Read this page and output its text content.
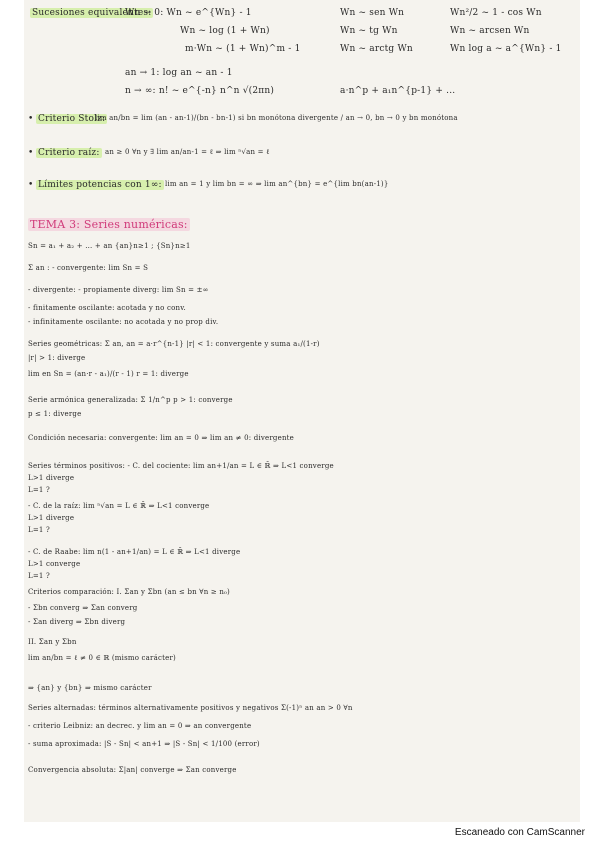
Sucesiones equivalentes:
Wn → 0: Wn ~ e^{Wn} - 1	Wn ~ sen Wn	Wn²/2 ~ 1 - cos Wn
Wn ~ log (1 + Wn)	Wn ~ tg Wn	Wn ~ arcsen Wn
m·Wn ~ (1 + Wn)^m - 1	Wn ~ arctg Wn	Wn log a ~ a^{Wn} - 1
an → 1: log an ~ an - 1
n → ∞: n! ~ e^{-n} n^n √(2πn)	a·n^p + a₁n^{p-1} + ...
• Criterio Stolz:
lim an/bn = lim (an - an-1)/(bn - bn-1) si bn monótona divergente / an → 0, bn → 0 y bn monótona
• Criterio raíz: an ≥ 0 ∀n y ∃ lim an/an-1 = ℓ ⇒ lim ⁿ√an = ℓ
• Límites potencias con 1∞: lim an = 1 y lim bn = ∞ ⇒ lim an^{bn} = e^{lim bn(an-1)}
TEMA 3: Series numéricas:
Sn = a₁ + a₂ + ... + an {an}n≥1 ; {Sn}n≥1
Σ an : - convergente: lim Sn = S
- divergente: - propiamente diverg: lim Sn = ±∞
- finitamente oscilante: acotada y no conv.
- infinitamente oscilante: no acotada y no prop div.
Series geométricas: Σ an, an = a·r^{n-1} |r| < 1: convergente y suma a₁/(1-r)
|r| > 1: diverge
lim en Sn = (an·r - a₁)/(r - 1) r = 1: diverge
Serie armónica generalizada: Σ 1/n^p p > 1: converge
p ≤ 1: diverge
Condición necesaria: convergente: lim an = 0 ⇒ lim an ≠ 0: divergente
Series términos positivos: - C. del cociente: lim an+1/an = L ∈ ℝ̄ ⇒ L<1 converge
L>1 diverge
L=1 ?
- C. de la raíz: lim ⁿ√an = L ∈ ℝ̄ ⇒ L<1 converge
L>1 diverge
L=1 ?
- C. de Raabe: lim n(1 - an+1/an) = L ∈ ℝ̄ ⇒ L<1 diverge
L>1 converge
L=1 ?
Criterios comparación: I. Σan y Σbn (an ≤ bn ∀n ≥ n₀)
- Σbn converg ⇒ Σan converg
- Σan diverg ⇒ Σbn diverg
II. Σan y Σbn
lim an/bn = ℓ ≠ 0 ∈ ℝ (mismo carácter)
⇒ {an} y {bn} ⇒ mismo carácter
Series alternadas: términos alternativamente positivos y negativos Σ(-1)ⁿ an an > 0 ∀n
- criterio Leibniz: an decrec. y lim an = 0 ⇒ an convergente
- suma aproximada: |S - Sn| < an+1 ⇒ |S - Sn| < 1/100 (error)
Convergencia absoluta: Σ|an| converge ⇒ Σan converge
Escaneado con CamScanner
